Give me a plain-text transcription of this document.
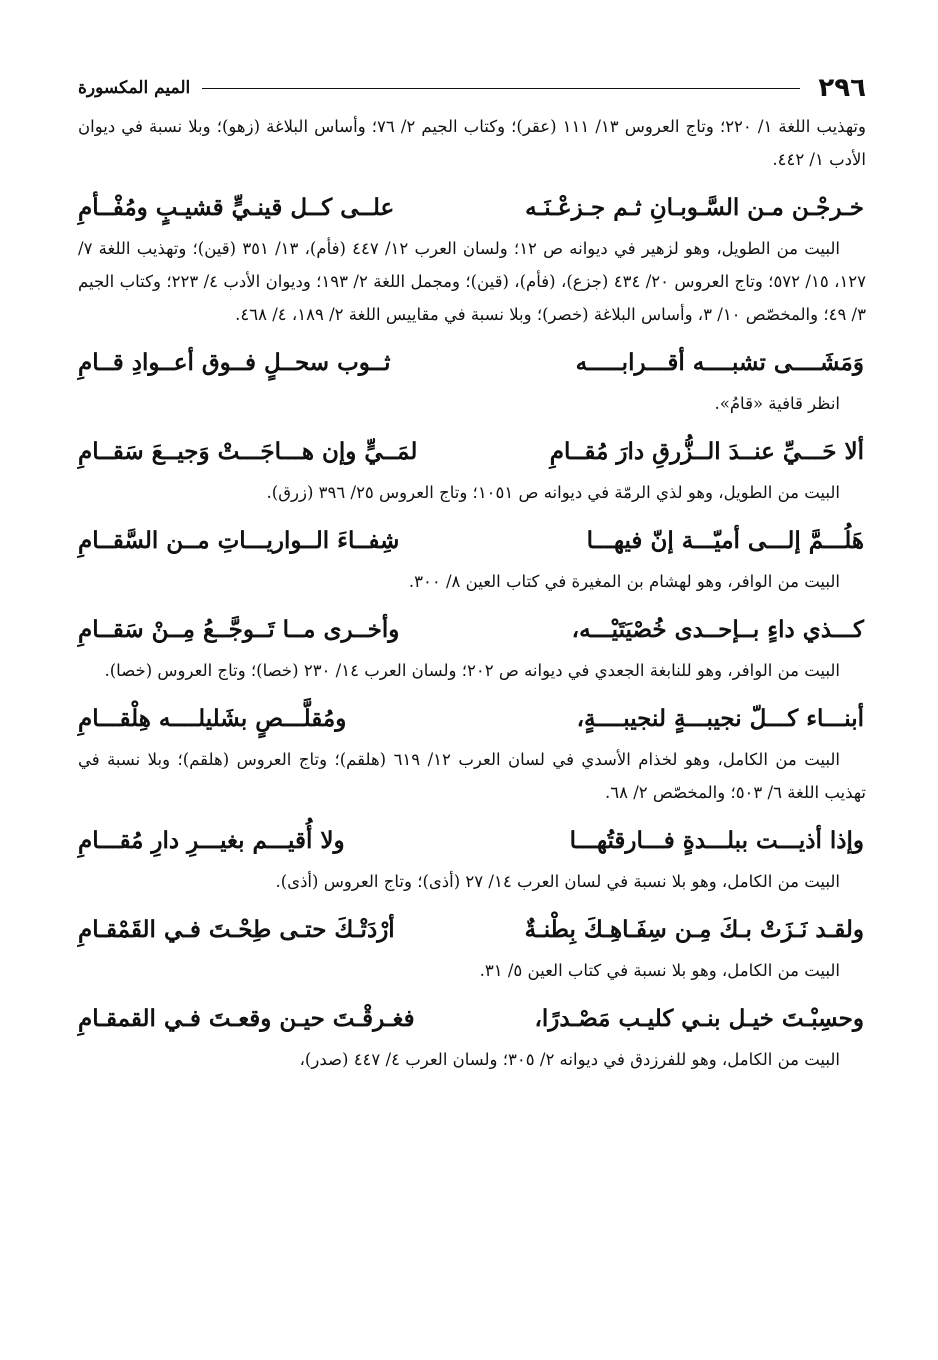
٢٩٦
الميم المكسورة

وتهذيب اللغة ١/ ٢٢٠؛ وتاج العروس ١٣/ ١١١ (عقر)؛ وكتاب الجيم ٢/ ٧٦؛ وأساس البلاغة (زهو)؛ وبلا نسبة في ديوان الأدب ١/ ٤٤٢.

خـرجْـن مـن السَّـوبـانِ ثـم جـزعْـنَـه
علــى كــل قينـيٍّ قشيـبٍ ومُفْــأمِ

البيت من الطويل، وهو لزهير في ديوانه ص ١٢؛ ولسان العرب ١٢/ ٤٤٧ (فأم)، ١٣/ ٣٥١ (قين)؛ وتهذيب اللغة ٧/ ١٢٧، ١٥/ ٥٧٢؛ وتاج العروس ٢٠/ ٤٣٤ (جزع)، (فأم)، (قين)؛ ومجمل اللغة ٢/ ١٩٣؛ وديوان الأدب ٤/ ٢٢٣؛ وكتاب الجيم ٣/ ٤٩؛ والمخصّص ١٠/ ٣، وأساس البلاغة (خصر)؛ وبلا نسبة في مقاييس اللغة ٢/ ١٨٩، ٤/ ٤٦٨.

وَمَشَــــى تشبــــه أقـــرابـــــه
ثــوب سحــلٍ فــوق أعــوادِ قــامِ

انظر قافية «قامُ».

ألا حَـــيِّ عنــدَ الــزُّرقِ دارَ مُقــامِ
لمَــيٍّ وإن هـــاجَـــتْ وَجيــعَ سَقــامِ

البيت من الطويل، وهو لذي الرمّة في ديوانه ص ١٠٥١؛ وتاج العروس ٢٥/ ٣٩٦ (زرق).

هَلُـــمَّ إلـــى أميّـــة إنّ فيهـــا
شِفــاءَ الــواريـــاتِ مــن السَّقــامِ

البيت من الوافر، وهو لهشام بن المغيرة في كتاب العين ٨/ ٣٠٠.

كـــذي داءٍ بــإحــدى خُصْيَتَيْـــه،
وأخــرى مــا تَــوجَّــعُ مِــنْ سَقــامِ

البيت من الوافر، وهو للنابغة الجعدي في ديوانه ص ٢٠٢؛ ولسان العرب ١٤/ ٢٣٠ (خصا)؛ وتاج العروس (خصا).

أبنـــاء كـــلّ نجيبـــةٍ لنجيبــــةٍ،
ومُقلَّـــصٍ بشَليلــــه هِلْقـــامِ

البيت من الكامل، وهو لخذام الأسدي في لسان العرب ١٢/ ٦١٩ (هلقم)؛ وتاج العروس (هلقم)؛ وبلا نسبة في تهذيب اللغة ٦/ ٥٠٣؛ والمخصّص ٢/ ٦٨.

وإذا أذيـــت ببلـــدةٍ فـــارقتُهـــا
ولا أُقيـــم بغيـــرِ دارِ مُقـــامِ

البيت من الكامل، وهو بلا نسبة في لسان العرب ١٤/ ٢٧ (أذى)؛ وتاج العروس (أذى).

ولقـد نَـزَتْ بـكَ مِـن سِفَـاهِـكَ بِطْنـةٌ
أرْدَتْـكَ حتـى طِحْـتَ فـي القَمْقـامِ

البيت من الكامل، وهو بلا نسبة في كتاب العين ٥/ ٣١.

وحسِبْـتَ خيـل بنـي كليـب مَصْـدرًا،
فغـرقْـتَ حيـن وقعـتَ فـي القمقـامِ

البيت من الكامل، وهو للفرزدق في ديوانه ٢/ ٣٠٥؛ ولسان العرب ٤/ ٤٤٧ (صدر)،
